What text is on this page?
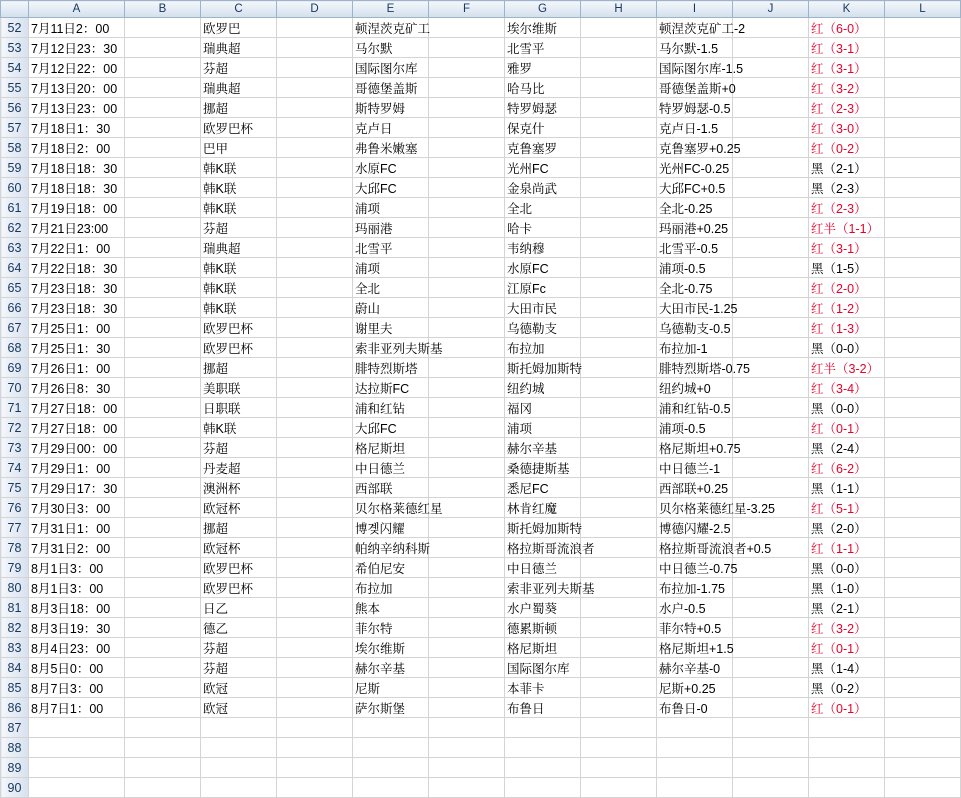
	A	B	C	D	E	F	G	H	I	J	K	L
52	7月11日2：00		欧罗巴		顿涅茨克矿工		埃尔维斯		顿涅茨克矿工-2		红（6-0）	
53	7月12日23：30		瑞典超		马尔默		北雪平		马尔默-1.5		红（3-1）	
54	7月12日22：00		芬超		国际图尔库		雅罗		国际图尔库-1.5		红（3-1）	
55	7月13日20：00		瑞典超		哥德堡盖斯		哈马比		哥德堡盖斯+0		红（3-2）	
56	7月13日23：00		挪超		斯特罗姆		特罗姆瑟		特罗姆瑟-0.5		红（2-3）	
57	7月18日1：30		欧罗巴杯		克卢日		保克什		克卢日-1.5		红（3-0）	
58	7月18日2：00		巴甲		弗鲁米嫩塞		克鲁塞罗		克鲁塞罗+0.25		红（0-2）	
59	7月18日18：30		韩K联		水原FC		光州FC		光州FC-0.25		黑（2-1）	
60	7月18日18：30		韩K联		大邱FC		金泉尚武		大邱FC+0.5		黑（2-3）	
61	7月19日18：00		韩K联		浦项		全北		全北-0.25		红（2-3）	
62	7月21日23:00		芬超		玛丽港		哈卡		玛丽港+0.25		红半（1-1）	
63	7月22日1：00		瑞典超		北雪平		韦纳穆		北雪平-0.5		红（3-1）	
64	7月22日18：30		韩K联		浦项		水原FC		浦项-0.5		黑（1-5）	
65	7月23日18：30		韩K联		全北		江原Fc		全北-0.75		红（2-0）	
66	7月23日18：30		韩K联		蔚山		大田市民		大田市民-1.25		红（1-2）	
67	7月25日1：00		欧罗巴杯		谢里夫		乌德勒支		乌德勒支-0.5		红（1-3）	
68	7月25日1：30		欧罗巴杯		索非亚列夫斯基		布拉加		布拉加-1		黑（0-0）	
69	7月26日1：00		挪超		腓特烈斯塔		斯托姆加斯特		腓特烈斯塔-0.75		红半（3-2）	
70	7月26日8：30		美职联		达拉斯FC		纽约城		纽约城+0		红（3-4）	
71	7月27日18：00		日职联		浦和红钻		福冈		浦和红钻-0.5		黑（0-0）	
72	7月27日18：00		韩K联		大邱FC		浦项		浦项-0.5		红（0-1）	
73	7月29日00：00		芬超		格尼斯坦		赫尔辛基		格尼斯坦+0.75		黑（2-4）	
74	7月29日1：00		丹麦超		中日德兰		桑德捷斯基		中日德兰-1		红（6-2）	
75	7月29日17：30		澳洲杯		西部联		悉尼FC		西部联+0.25		黑（1-1）	
76	7月30日3：00		欧冠杯		贝尔格莱德红星		林肯红魔		贝尔格莱德红星-3.25		红（5-1）	
77	7月31日1：00		挪超		博곚闪耀		斯托姆加斯特		博德闪耀-2.5		黑（2-0）	
78	7月31日2：00		欧冠杯		帕纳辛纳科斯		格拉斯哥流浪者		格拉斯哥流浪者+0.5		红（1-1）	
79	8月1日3：00		欧罗巴杯		希伯尼安		中日德兰		中日德兰-0.75		黑（0-0）	
80	8月1日3：00		欧罗巴杯		布拉加		索非亚列夫斯基		布拉加-1.75		黑（1-0）	
81	8月3日18：00		日乙		熊本		水户蜀葵		水户-0.5		黑（2-1）	
82	8月3日19：30		德乙		菲尔特		德累斯顿		菲尔特+0.5		红（3-2）	
83	8月4日23：00		芬超		埃尔维斯		格尼斯坦		格尼斯坦+1.5		红（0-1）	
84	8月5日0：00		芬超		赫尔辛基		国际图尔库		赫尔辛基-0		黑（1-4）	
85	8月7日3：00		欧冠		尼斯		本菲卡		尼斯+0.25		黑（0-2）	
86	8月7日1：00		欧冠		萨尔斯堡		布鲁日		布鲁日-0		红（0-1）	
87												
88												
89												
90												
